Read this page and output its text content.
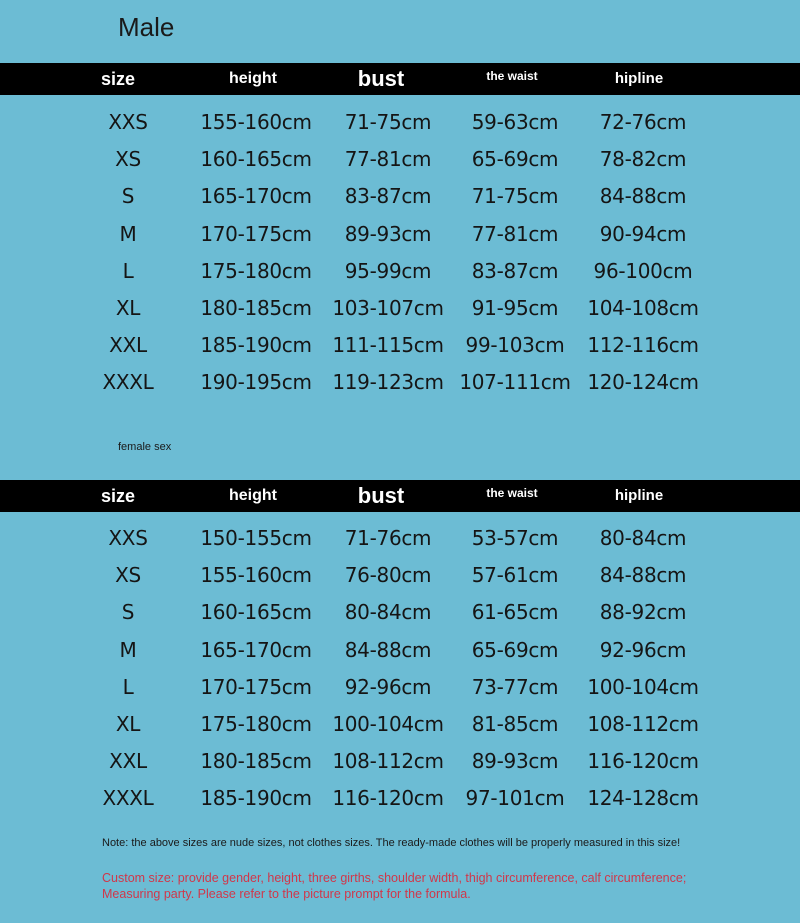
Male
size	height	bust	the waist	hipline
XXS	155-160cm 71-75cm 59-63cm 72-76cm
XS	160-165cm 77-81cm 65-69cm 78-82cm
S	165-170cm 83-87cm 71-75cm 84-88cm
M	170-175cm 89-93cm 77-81cm 90-94cm
L	175-180cm 95-99cm 83-87cm 96-100cm
XL	180-185cm 103-107cm 91-95cm 104-108cm
XXL	185-190cm 111-115cm 99-103cm 112-116cm
XXXL 190-195cm 119-123cm 107-111cm 120-124cm
female sex
size	height	bust	the waist	hipline
XXS	150-155cm 71-76cm 53-57cm 80-84cm
XS	155-160cm 76-80cm 57-61cm 84-88cm
S	160-165cm 80-84cm 61-65cm 88-92cm
M	165-170cm 84-88cm 65-69cm 92-96cm
L	170-175cm 92-96cm 73-77cm 100-104cm
XL	175-180cm 100-104cm 81-85cm 108-112cm
XXL	180-185cm 108-112cm 89-93cm 116-120cm
XXXL 185-190cm 116-120cm 97-101cm 124-128cm
Note: the above sizes are nude sizes, not clothes sizes. The ready-made clothes will be properly measured in this size!
Custom size: provide gender, height, three girths, shoulder width, thigh circumference, calf circumference; Measuring party. Please refer to the picture prompt for the formula.
